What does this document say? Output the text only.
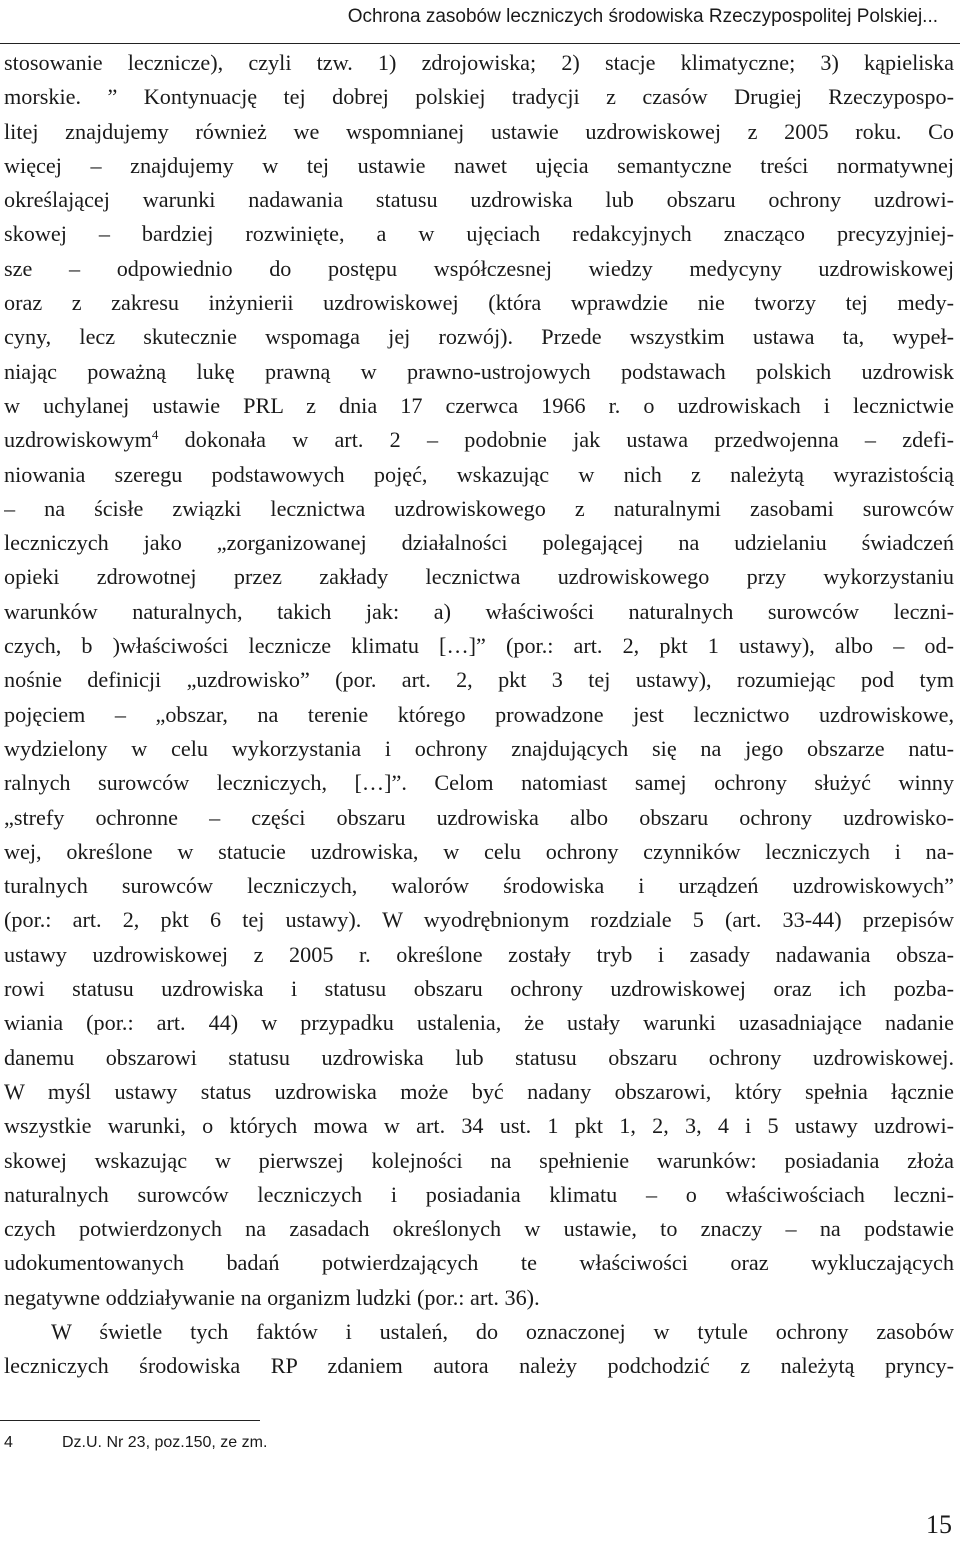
Ochrona zasobów leczniczych środowiska Rzeczypospolitej Polskiej...
stosowanie lecznicze), czyli tzw. 1) zdrojowiska; 2) stacje klimatyczne; 3) kąpieliska
morskie. ” Kontynuację tej dobrej polskiej tradycji z czasów Drugiej Rzeczypospo-
litej znajdujemy również we wspomnianej ustawie uzdrowiskowej z 2005 roku. Co
więcej – znajdujemy w tej ustawie nawet ujęcia semantyczne treści normatywnej
określającej warunki nadawania statusu uzdrowiska lub obszaru ochrony uzdrowi-
skowej – bardziej rozwinięte, a w ujęciach redakcyjnych znacząco precyzyjniej-
sze – odpowiednio do postępu współczesnej wiedzy medycyny uzdrowiskowej
oraz z zakresu inżynierii uzdrowiskowej (która wprawdzie nie tworzy tej medy-
cyny, lecz skutecznie wspomaga jej rozwój). Przede wszystkim ustawa ta, wypeł-
niając poważną lukę prawną w prawno-ustrojowych podstawach polskich uzdrowisk
w uchylanej ustawie PRL z dnia 17 czerwca 1966 r. o uzdrowiskach i lecznictwie
uzdrowiskowym$^4$ dokonała w art. 2 – podobnie jak ustawa przedwojenna – zdefi-
niowania szeregu podstawowych pojęć, wskazując w nich z należytą wyrazistością
– na ścisłe związki lecznictwa uzdrowiskowego z naturalnymi zasobami surowców
leczniczych jako „zorganizowanej działalności polegającej na udzielaniu świadczeń
opieki zdrowotnej przez zakłady lecznictwa uzdrowiskowego przy wykorzystaniu
warunków naturalnych, takich jak: a) właściwości naturalnych surowców leczni-
czych, b )właściwości lecznicze klimatu […]” (por.: art. 2, pkt 1 ustawy), albo – od-
nośnie definicji „uzdrowisko” (por. art. 2, pkt 3 tej ustawy), rozumiejąc pod tym
pojęciem – „obszar, na terenie którego prowadzone jest lecznictwo uzdrowiskowe,
wydzielony w celu wykorzystania i ochrony znajdujących się na jego obszarze natu-
ralnych surowców leczniczych, […]”. Celom natomiast samej ochrony służyć winny
„strefy ochronne – części obszaru uzdrowiska albo obszaru ochrony uzdrowisko-
wej, określone w statucie uzdrowiska, w celu ochrony czynników leczniczych i na-
turalnych surowców leczniczych, walorów środowiska i urządzeń uzdrowiskowych”
(por.: art. 2, pkt 6 tej ustawy). W wyodrębnionym rozdziale 5 (art. 33-44) przepisów
ustawy uzdrowiskowej z 2005 r. określone zostały tryb i zasady nadawania obsza-
rowi statusu uzdrowiska i statusu obszaru ochrony uzdrowiskowej oraz ich pozba-
wiania (por.: art. 44) w przypadku ustalenia, że ustały warunki uzasadniające nadanie
danemu obszarowi statusu uzdrowiska lub statusu obszaru ochrony uzdrowiskowej.
W myśl ustawy status uzdrowiska może być nadany obszarowi, który spełnia łącznie
wszystkie warunki, o których mowa w art. 34 ust. 1 pkt 1, 2, 3, 4 i 5 ustawy uzdrowi-
skowej wskazując w pierwszej kolejności na spełnienie warunków: posiadania złoża
naturalnych surowców leczniczych i posiadania klimatu – o właściwościach leczni-
czych potwierdzonych na zasadach określonych w ustawie, to znaczy – na podstawie
udokumentowanych badań potwierdzających te właściwości oraz wykluczających
negatywne oddziaływanie na organizm ludzki (por.: art. 36).
W świetle tych faktów i ustaleń, do oznaczonej w tytule ochrony zasobów
leczniczych środowiska RP zdaniem autora należy podchodzić z należytą pryncy-
4	Dz.U. Nr 23, poz.150, ze zm.
15
